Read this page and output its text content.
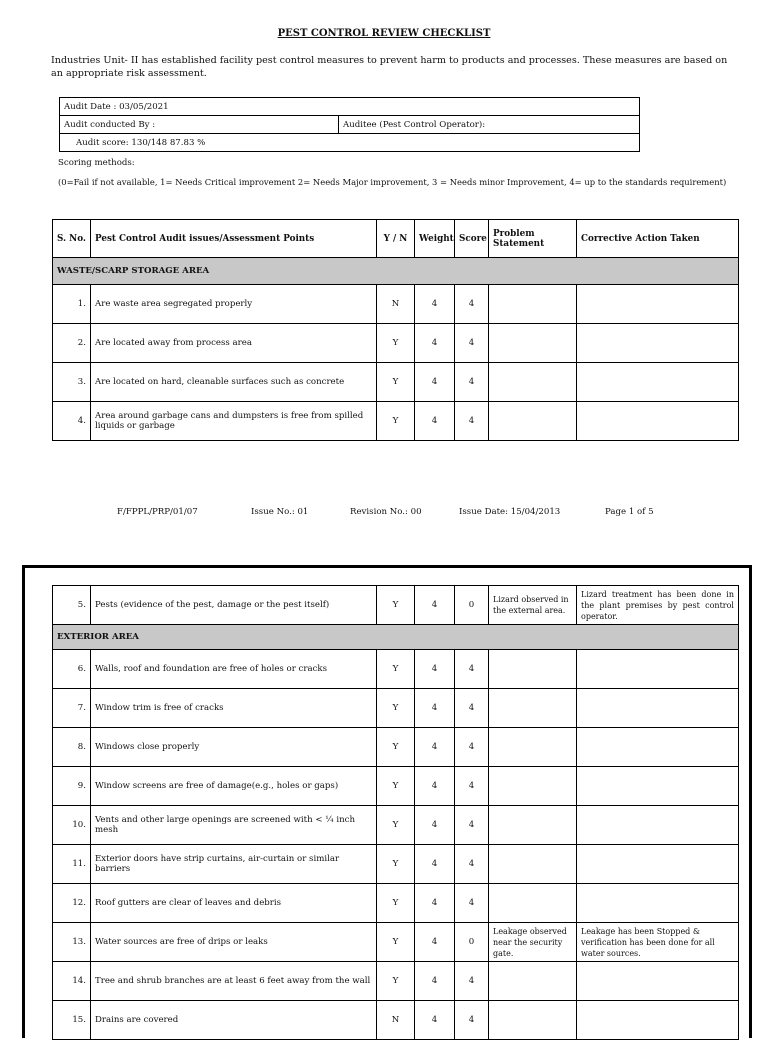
PEST CONTROL REVIEW CHECKLIST
Industries Unit- II has established facility pest control measures to prevent harm to products and processes. These measures are based on an appropriate risk assessment.
Audit Date : 03/05/2021
Audit conducted By :	Auditee (Pest Control Operator):
Audit score: 130/148 87.83 %
Scoring methods:
(0=Fail if not available, 1= Needs Critical improvement 2= Needs Major improvement, 3 = Needs minor Improvement, 4= up to the standards requirement)
S. No.	Pest Control Audit issues/Assessment Points	Y / N	Weight	Score	Problem Statement	Corrective Action Taken
WASTE/SCARP STORAGE AREA						
1.	Are waste area segregated properly	N	4	4		
2.	Are located away from process area	Y	4	4		
3.	Are located on hard, cleanable surfaces such as concrete	Y	4	4		
4.	Area around garbage cans and dumpsters is free from spilled liquids or garbage	Y	4	4		
F/FPPL/PRP/01/07	Issue No.: 01	Revision No.: 00	Issue Date: 15/04/2013	Page 1 of 5
5.	Pests (evidence of the pest, damage or the pest itself)	Y	4	0	Lizard observed in the external area.	Lizard treatment has been done in the plant premises by pest control operator.
EXTERIOR AREA						
6.	Walls, roof and foundation are free of holes or cracks	Y	4	4		
7.	Window trim is free of cracks	Y	4	4		
8.	Windows close properly	Y	4	4		
9.	Window screens are free of damage(e.g., holes or gaps)	Y	4	4		
10.	Vents and other large openings are screened with < ¼ inch mesh	Y	4	4		
11.	Exterior doors have strip curtains, air-curtain or similar barriers	Y	4	4		
12.	Roof gutters are clear of leaves and debris	Y	4	4		
13.	Water sources are free of drips or leaks	Y	4	0	Leakage observed near the security gate.	Leakage has been Stopped & verification has been done for all water sources.
14.	Tree and shrub branches are at least 6 feet away from the wall	Y	4	4		
15.	Drains are covered	N	4	4		
